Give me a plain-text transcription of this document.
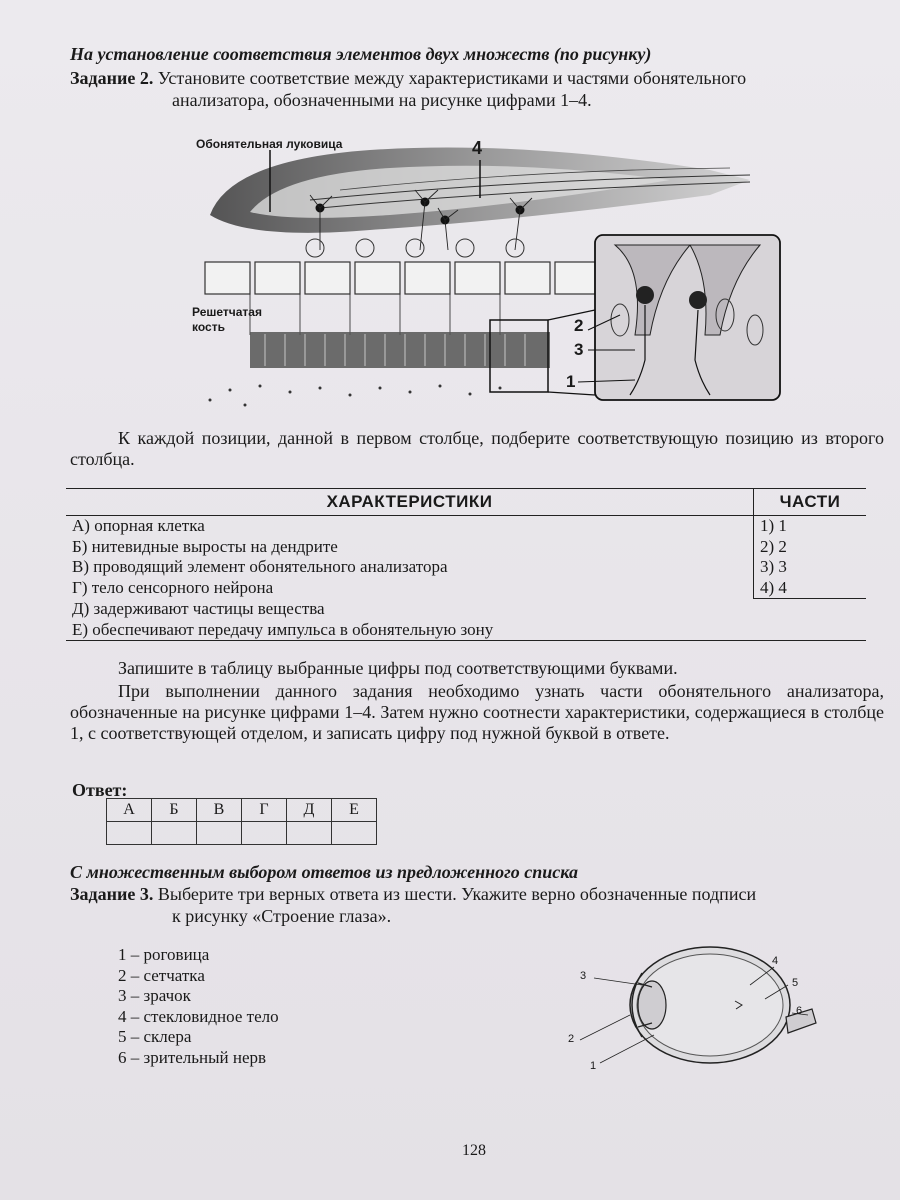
На установление соответствия элементов двух множеств (по рисунку)
Задание 2. Установите соответствие между характеристиками и частями обонятельного
анализатора, обозначенными на рисунке цифрами 1–4.
Обонятельная луковица
Решетчатая
кость
4
2
3
1
К каждой позиции, данной в первом столбце, подберите соответствующую позицию из второго столбца.
ХАРАКТЕРИСТИКИ	ЧАСТИ
А) опорная клетка	1) 1
Б) нитевидные выросты на дендрите	2) 2
В) проводящий элемент обонятельного анализатора	3) 3
Г) тело сенсорного нейрона	4) 4
Д) задерживают частицы вещества	
Е) обеспечивают передачу импульса в обонятельную зону	
Запишите в таблицу выбранные цифры под соответствующими буквами.
При выполнении данного задания необходимо узнать части обонятельного анализатора, обозначенные на рисунке цифрами 1–4. Затем нужно соотнести характеристики, содержащиеся в столбце 1, с соответствующей отделом, и записать цифру под нужной буквой в ответе.
Ответ:
А	Б	В	Г	Д	Е

С множественным выбором ответов из предложенного списка
Задание 3. Выберите три верных ответа из шести. Укажите верно обозначенные подписи
к рисунку «Строение глаза».
1 – роговица
2 – сетчатка
3 – зрачок
4 – стекловидное тело
5 – склера
6 – зрительный нерв
3
2
1
4
5
6
128
